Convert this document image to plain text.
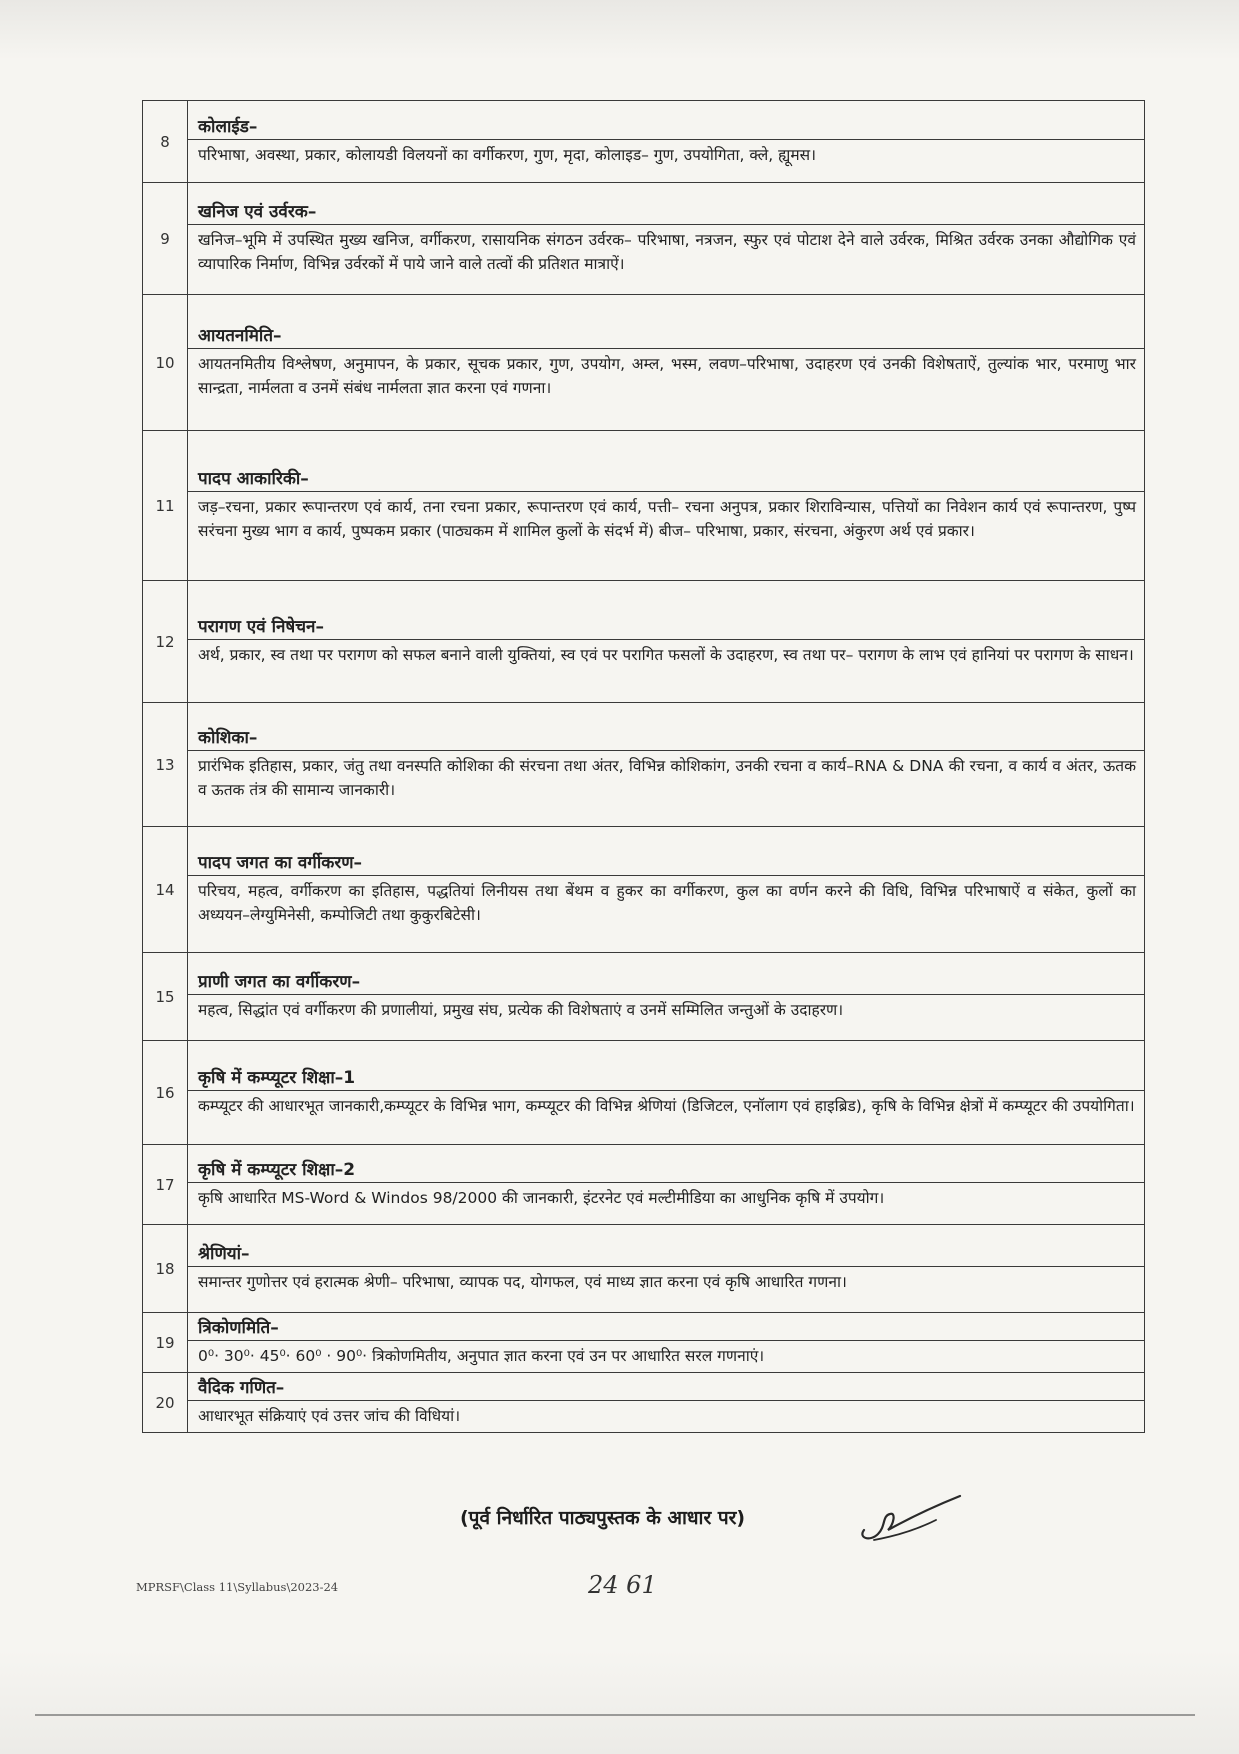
8	कोलाईड–
परिभाषा, अवस्था, प्रकार, कोलायडी विलयनों का वर्गीकरण, गुण, मृदा, कोलाइड– गुण, उपयोगिता, क्ले, ह्यूमस।

9	खनिज एवं उर्वरक–
खनिज–भूमि में उपस्थित मुख्य खनिज, वर्गीकरण, रासायनिक संगठन उर्वरक– परिभाषा, नत्रजन, स्फुर एवं पोटाश देने वाले उर्वरक, मिश्रित उर्वरक उनका औद्योगिक एवं व्यापारिक निर्माण, विभिन्न उर्वरकों में पाये जाने वाले तत्वों की प्रतिशत मात्राऐं।

10	आयतनमिति–
आयतनमितीय विश्लेषण, अनुमापन, के प्रकार, सूचक प्रकार, गुण, उपयोग, अम्ल, भस्म, लवण–परिभाषा, उदाहरण एवं उनकी विशेषताऐं, तुल्यांक भार, परमाणु भार सान्द्रता, नार्मलता व उनमें संबंध नार्मलता ज्ञात करना एवं गणना।

11	पादप आकारिकी–
जड़–रचना, प्रकार रूपान्तरण एवं कार्य, तना रचना प्रकार, रूपान्तरण एवं कार्य, पत्ती– रचना अनुपत्र, प्रकार शिराविन्यास, पत्तियों का निवेशन कार्य एवं रूपान्तरण, पुष्प सरंचना मुख्य भाग व कार्य, पुष्पकम प्रकार (पाठ्यकम में शामिल कुलों के संदर्भ में) बीज– परिभाषा, प्रकार, संरचना, अंकुरण अर्थ एवं प्रकार।

12	परागण एवं निषेचन–
अर्थ, प्रकार, स्व तथा पर परागण को सफल बनाने वाली युक्तियां, स्व एवं पर परागित फसलों के उदाहरण, स्व तथा पर– परागण के लाभ एवं हानियां पर परागण के साधन।

13	कोशिका–
प्रारंभिक इतिहास, प्रकार, जंतु तथा वनस्पति कोशिका की संरचना तथा अंतर, विभिन्न कोशिकांग, उनकी रचना व कार्य–RNA & DNA की रचना, व कार्य व अंतर, ऊतक व ऊतक तंत्र की सामान्य जानकारी।

14	पादप जगत का वर्गीकरण–
परिचय, महत्व, वर्गीकरण का इतिहास, पद्धतियां लिनीयस तथा बेंथम व हुकर का वर्गीकरण, कुल का वर्णन करने की विधि, विभिन्न परिभाषाऐं व संकेत, कुलों का अध्ययन–लेग्युमिनेसी, कम्पोजिटी तथा कुकुरबिटेसी।

15	प्राणी जगत का वर्गीकरण–
महत्व, सिद्धांत एवं वर्गीकरण की प्रणालीयां, प्रमुख संघ, प्रत्येक की विशेषताएं व उनमें सम्मिलित जन्तुओं के उदाहरण।

16	कृषि में कम्प्यूटर शिक्षा–1
कम्प्यूटर की आधारभूत जानकारी,कम्प्यूटर के विभिन्न भाग, कम्प्यूटर की विभिन्न श्रेणियां (डिजिटल, एनॉलाग एवं हाइब्रिड), कृषि के विभिन्न क्षेत्रों में कम्प्यूटर की उपयोगिता।

17	कृषि में कम्प्यूटर शिक्षा–2
कृषि आधारित MS-Word & Windos 98/2000 की जानकारी, इंटरनेट एवं मल्टीमीडिया का आधुनिक कृषि में उपयोग।

18	श्रेणियां–
समान्तर गुणोत्तर एवं हरात्मक श्रेणी– परिभाषा, व्यापक पद, योगफल, एवं माध्य ज्ञात करना एवं कृषि आधारित गणना।

19	त्रिकोणमिति–
0⁰· 30⁰· 45⁰· 60⁰ · 90⁰· त्रिकोणमितीय, अनुपात ज्ञात करना एवं उन पर आधारित सरल गणनाएं।

20	वैदिक गणित–
आधारभूत संक्रियाएं एवं उत्तर जांच की विधियां।
(पूर्व निर्धारित पाठ्यपुस्तक के आधार पर)
MPRSF\Class 11\Syllabus\2023-24	24 61
